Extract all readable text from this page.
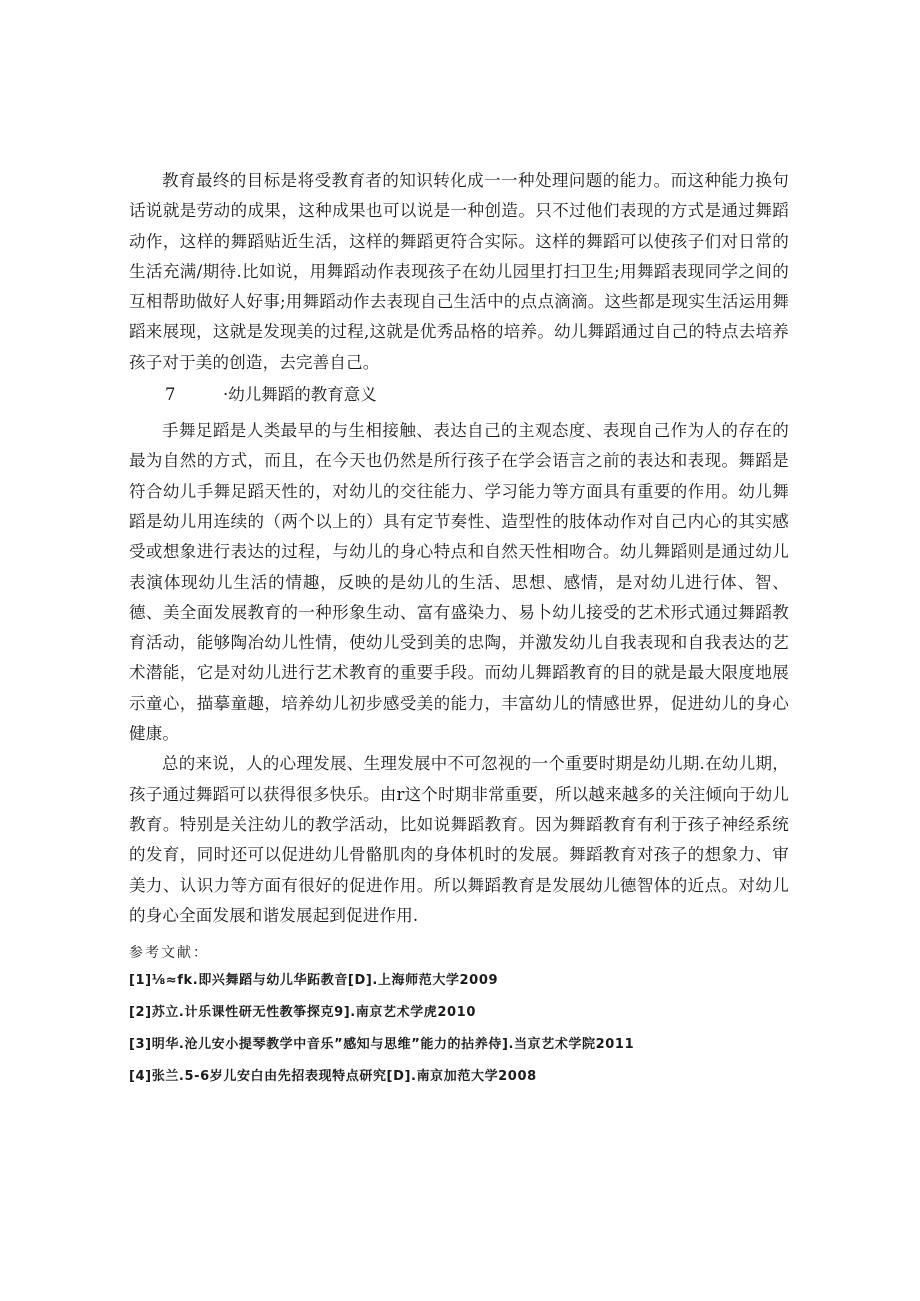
教育最终的目标是将受教育者的知识转化成一一种处理问题的能力。而这种能力换句话说就是劳动的成果，这种成果也可以说是一种创造。只不过他们表现的方式是通过舞蹈动作，这样的舞蹈贴近生活，这样的舞蹈更符合实际。这样的舞蹈可以使孩子们对日常的生活充满/期待.比如说，用舞蹈动作表现孩子在幼儿园里打扫卫生;用舞蹈表现同学之间的互相帮助做好人好事;用舞蹈动作去表现自己生活中的点点滴滴。这些都是现实生活运用舞蹈来展现，这就是发现美的过程,这就是优秀品格的培养。幼儿舞蹈通过自己的特点去培养孩子对于美的创造，去完善自己。

7	·幼儿舞蹈的教育意义

手舞足蹈是人类最早的与生相接触、表达自己的主观态度、表现自己作为人的存在的最为自然的方式，而且，在今天也仍然是所行孩子在学会语言之前的表达和表现。舞蹈是符合幼儿手舞足蹈天性的，对幼儿的交往能力、学习能力等方面具有重要的作用。幼儿舞蹈是幼儿用连续的（两个以上的）具有定节奏性、造型性的肢体动作对自己内心的其实感受或想象进行表达的过程，与幼儿的身心特点和自然天性相吻合。幼儿舞蹈则是通过幼儿表演体现幼儿生活的情趣，反映的是幼儿的生活、思想、感情，是对幼儿进行体、智、德、美全面发展教育的一种形象生动、富有盛染力、易卜幼儿接受的艺术形式通过舞蹈教育活动，能够陶冶幼儿性情，使幼儿受到美的忠陶，并激发幼儿自我表现和自我表达的艺术潜能，它是对幼儿进行艺术教育的重要手段。而幼儿舞蹈教育的目的就是最大限度地展示童心，描摹童趣，培养幼儿初步感受美的能力，丰富幼儿的情感世界，促进幼儿的身心健康。

总的来说，人的心理发展、生理发展中不可忽视的一个重要时期是幼儿期.在幼儿期，孩子通过舞蹈可以获得很多快乐。由r这个时期非常重要，所以越来越多的关注倾向于幼儿教育。特别是关注幼儿的教学活动，比如说舞蹈教育。因为舞蹈教育有利于孩子神经系统的发育，同时还可以促进幼儿骨骼肌肉的身体机时的发展。舞蹈教育对孩子的想象力、审美力、认识力等方面有很好的促进作用。所以舞蹈教育是发展幼儿德智体的近点。对幼儿的身心全面发展和谐发展起到促进作用.

参考文献：
[1]⅛≈fk.即兴舞蹈与幼儿华跖教音[D].上海师范大学2009
[2]苏立.计乐课性研无性教筝探克9].南京艺术学虎2010
[3]明华.沧儿安小提琴教学中音乐”感知与思维”能力的拈养侍].当京艺术学院2011
[4]张兰.5-6岁儿安白由先招表现特点研究[D].南京加范大学2008
